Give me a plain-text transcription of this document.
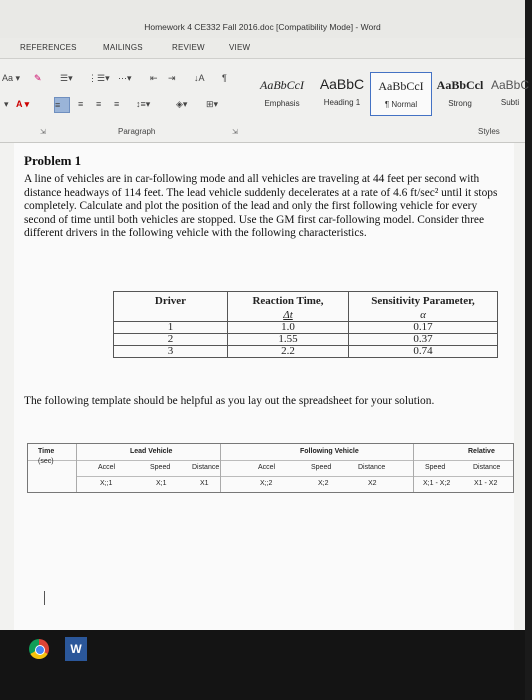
Homework 4 CE332 Fall 2016.doc [Compatibility Mode] - Word
REFERENCES	MAILINGS	REVIEW	VIEW
Aa ▾ ✎ ☰▾ ⋮☰▾ ⋯▾ ⇤ ⇥ ↓A ¶
▾ A ▾	≡	≡ ≡ ≡ ↕≡▾	◈▾ ⊞▾
AaBbCcI
Emphasis
AaBbC
Heading 1
AaBbCcI
¶ Normal
AaBbCcl
Strong
AaBbC
Subti
⇲	Paragraph	⇲	Styles
Problem 1
A line of vehicles are in car-following mode and all vehicles are traveling at 44 feet per second with distance headways of 114 feet. The lead vehicle suddenly decelerates at a rate of 4.6 ft/sec² until it stops completely. Calculate and plot the position of the lead and only the first following vehicle for every second of time until both vehicles are stopped. Use the GM first car-following model. Consider three different drivers in the following vehicle with the following characteristics.
Driver	Reaction Time,	Sensitivity Parameter,
	Δt	α
1	1.0	0.17
2	1.55	0.37
3	2.2	0.74
The following template should be helpful as you lay out the spreadsheet for your solution.
Time
(sec)
Lead Vehicle	Following Vehicle	Relative
Accel	Speed	Distance	Accel	Speed	Distance	Speed	Distance
X;;1	X;1	X1	X;;2	X;2	X2	X;1 - X;2	X1 - X2
W
